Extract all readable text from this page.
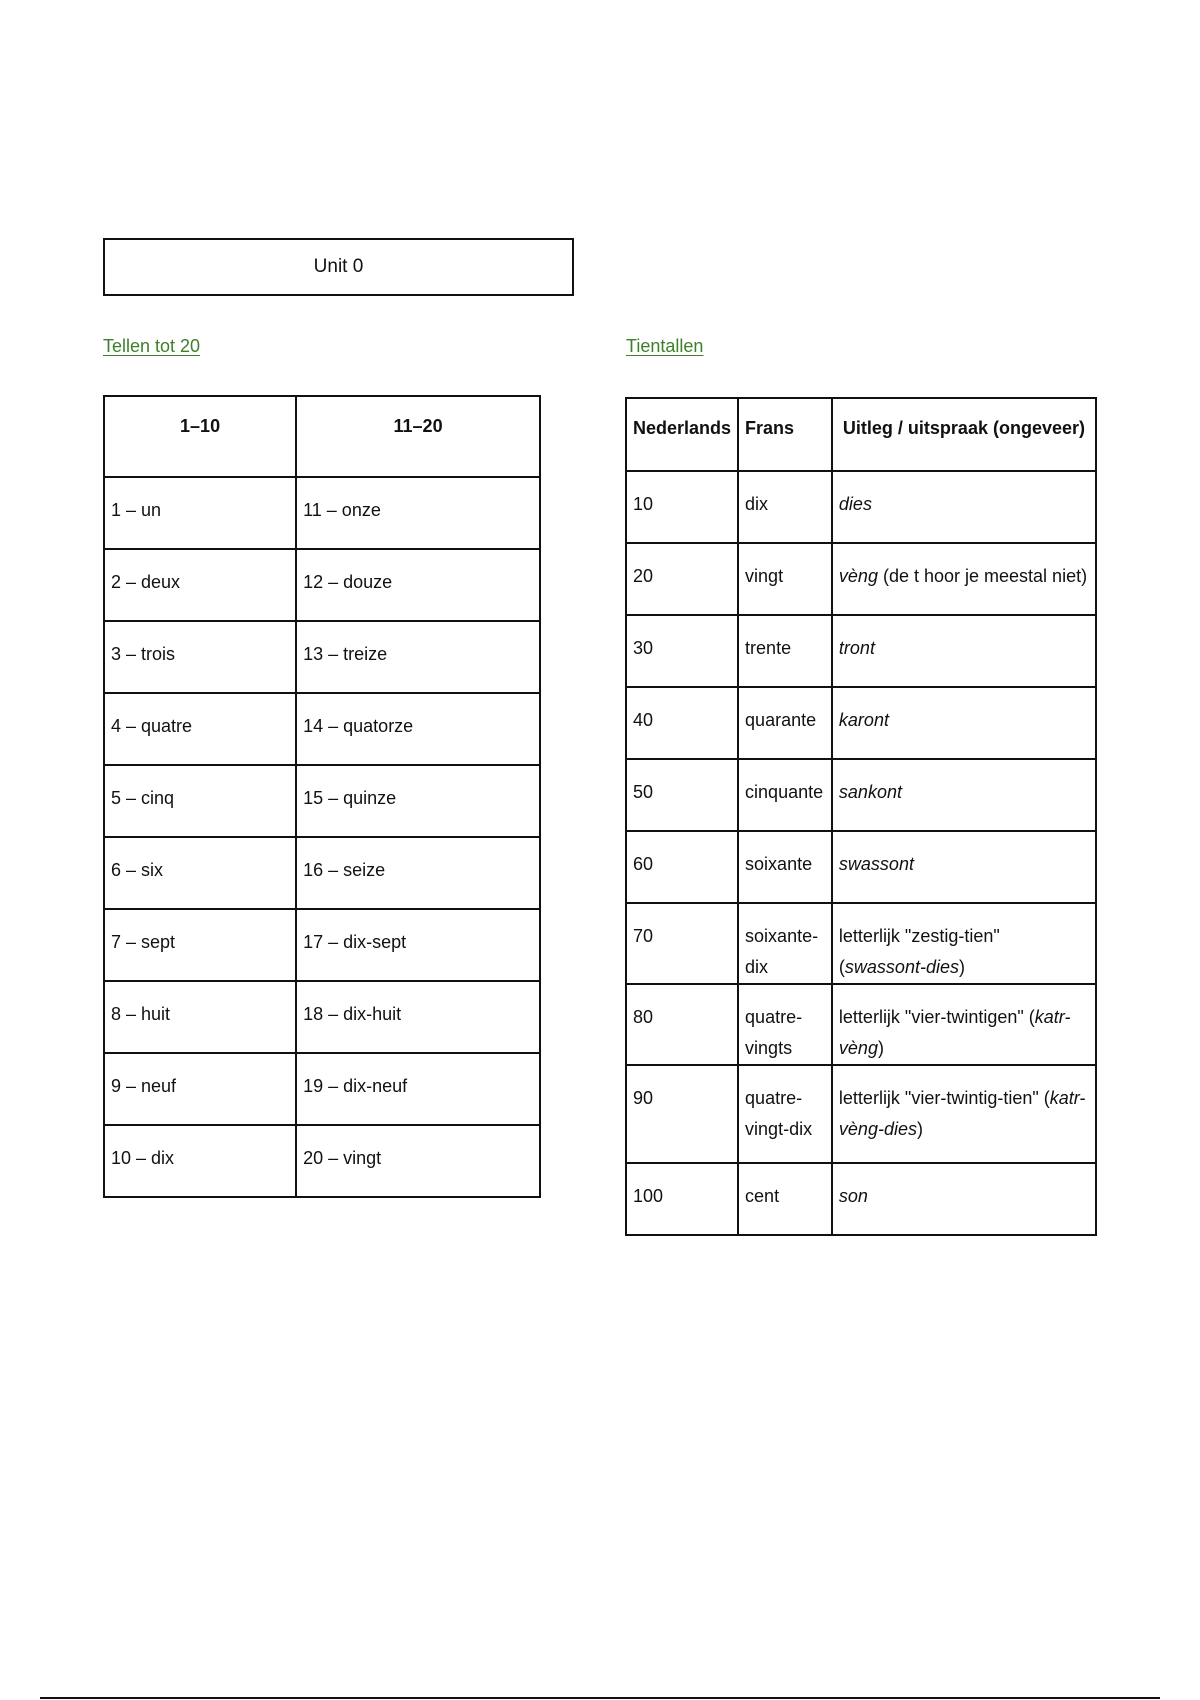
Unit 0
Tellen tot 20	Tientallen
1–10	11–20

1 – un	11 – onze

2 – deux	12 – douze

3 – trois	13 – treize

4 – quatre	14 – quatorze

5 – cinq	15 – quinze

6 – six	16 – seize

7 – sept	17 – dix-sept

8 – huit	18 – dix-huit

9 – neuf	19 – dix-neuf

10 – dix	20 – vingt
Nederlands	Frans	Uitleg / uitspraak (ongeveer)

10	dix	dies

20	vingt	vèng (de t hoor je meestal niet)

30	trente	tront

40	quarante	karont

50	cinquante	sankont

60	soixante	swassont

70	soixante-dix	letterlijk "zestig-tien" (swassont-dies)

80	quatre-vingts	letterlijk "vier-twintigen" (katr-vèng)

90	quatre-vingt-dix	letterlijk "vier-twintig-tien" (katr-vèng-dies)

100	cent	son
